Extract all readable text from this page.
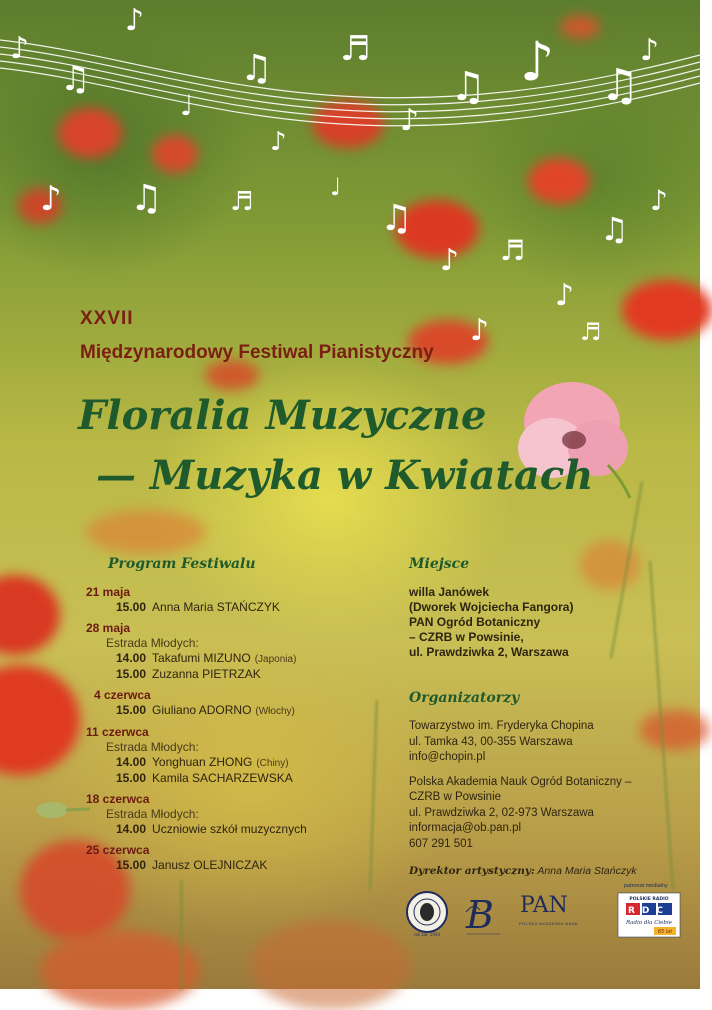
♪
♫
♪
♩
♫
♪
♬
♪
♫ ♪ ♫
♪
♫
♪ ♬
♪
♫
♪
♩
♫
♪	♬
♪	♬
XXVII
Międzynarodowy Festiwal Pianistyczny
Floralia Muzyczne
— Muzyka w Kwiatach
Program Festiwalu
21 maja
15.00 Anna Maria STAŃCZYK
28 maja
Estrada Młodych:
14.00 Takafumi MIZUNO (Japonia)
15.00 Zuzanna PIETRZAK
4 czerwca
15.00 Giuliano ADORNO (Włochy)
11 czerwca
Estrada Młodych:
14.00 Yonghuan ZHONG (Chiny)
15.00 Kamila SACHARZEWSKA
18 czerwca
Estrada Młodych:
14.00 Uczniowie szkół muzycznych
25 czerwca
15.00 Janusz OLEJNICZAK
Miejsce
willa Janówek
(Dworek Wojciecha Fangora)
PAN Ogród Botaniczny
– CZRB w Powsinie,
ul. Prawdziwka 2, Warszawa
Organizatorzy
Towarzystwo im. Fryderyka Chopina
ul. Tamka 43, 00-355 Warszawa
info@chopin.pl
Polska Akademia Nauk Ogród Botaniczny –
CZRB w Powsinie
ul. Prawdziwka 2, 02-973 Warszawa
informacja@ob.pan.pl
607 291 501
Dyrektor artystyczny: Anna Maria Stańczyk
rok zał. 1934 B PAN
POLSKA AKADEMIA NAUK
patronat medialny
POLSKIE RADIO
RDC
Radio dla Ciebie
65 lat
